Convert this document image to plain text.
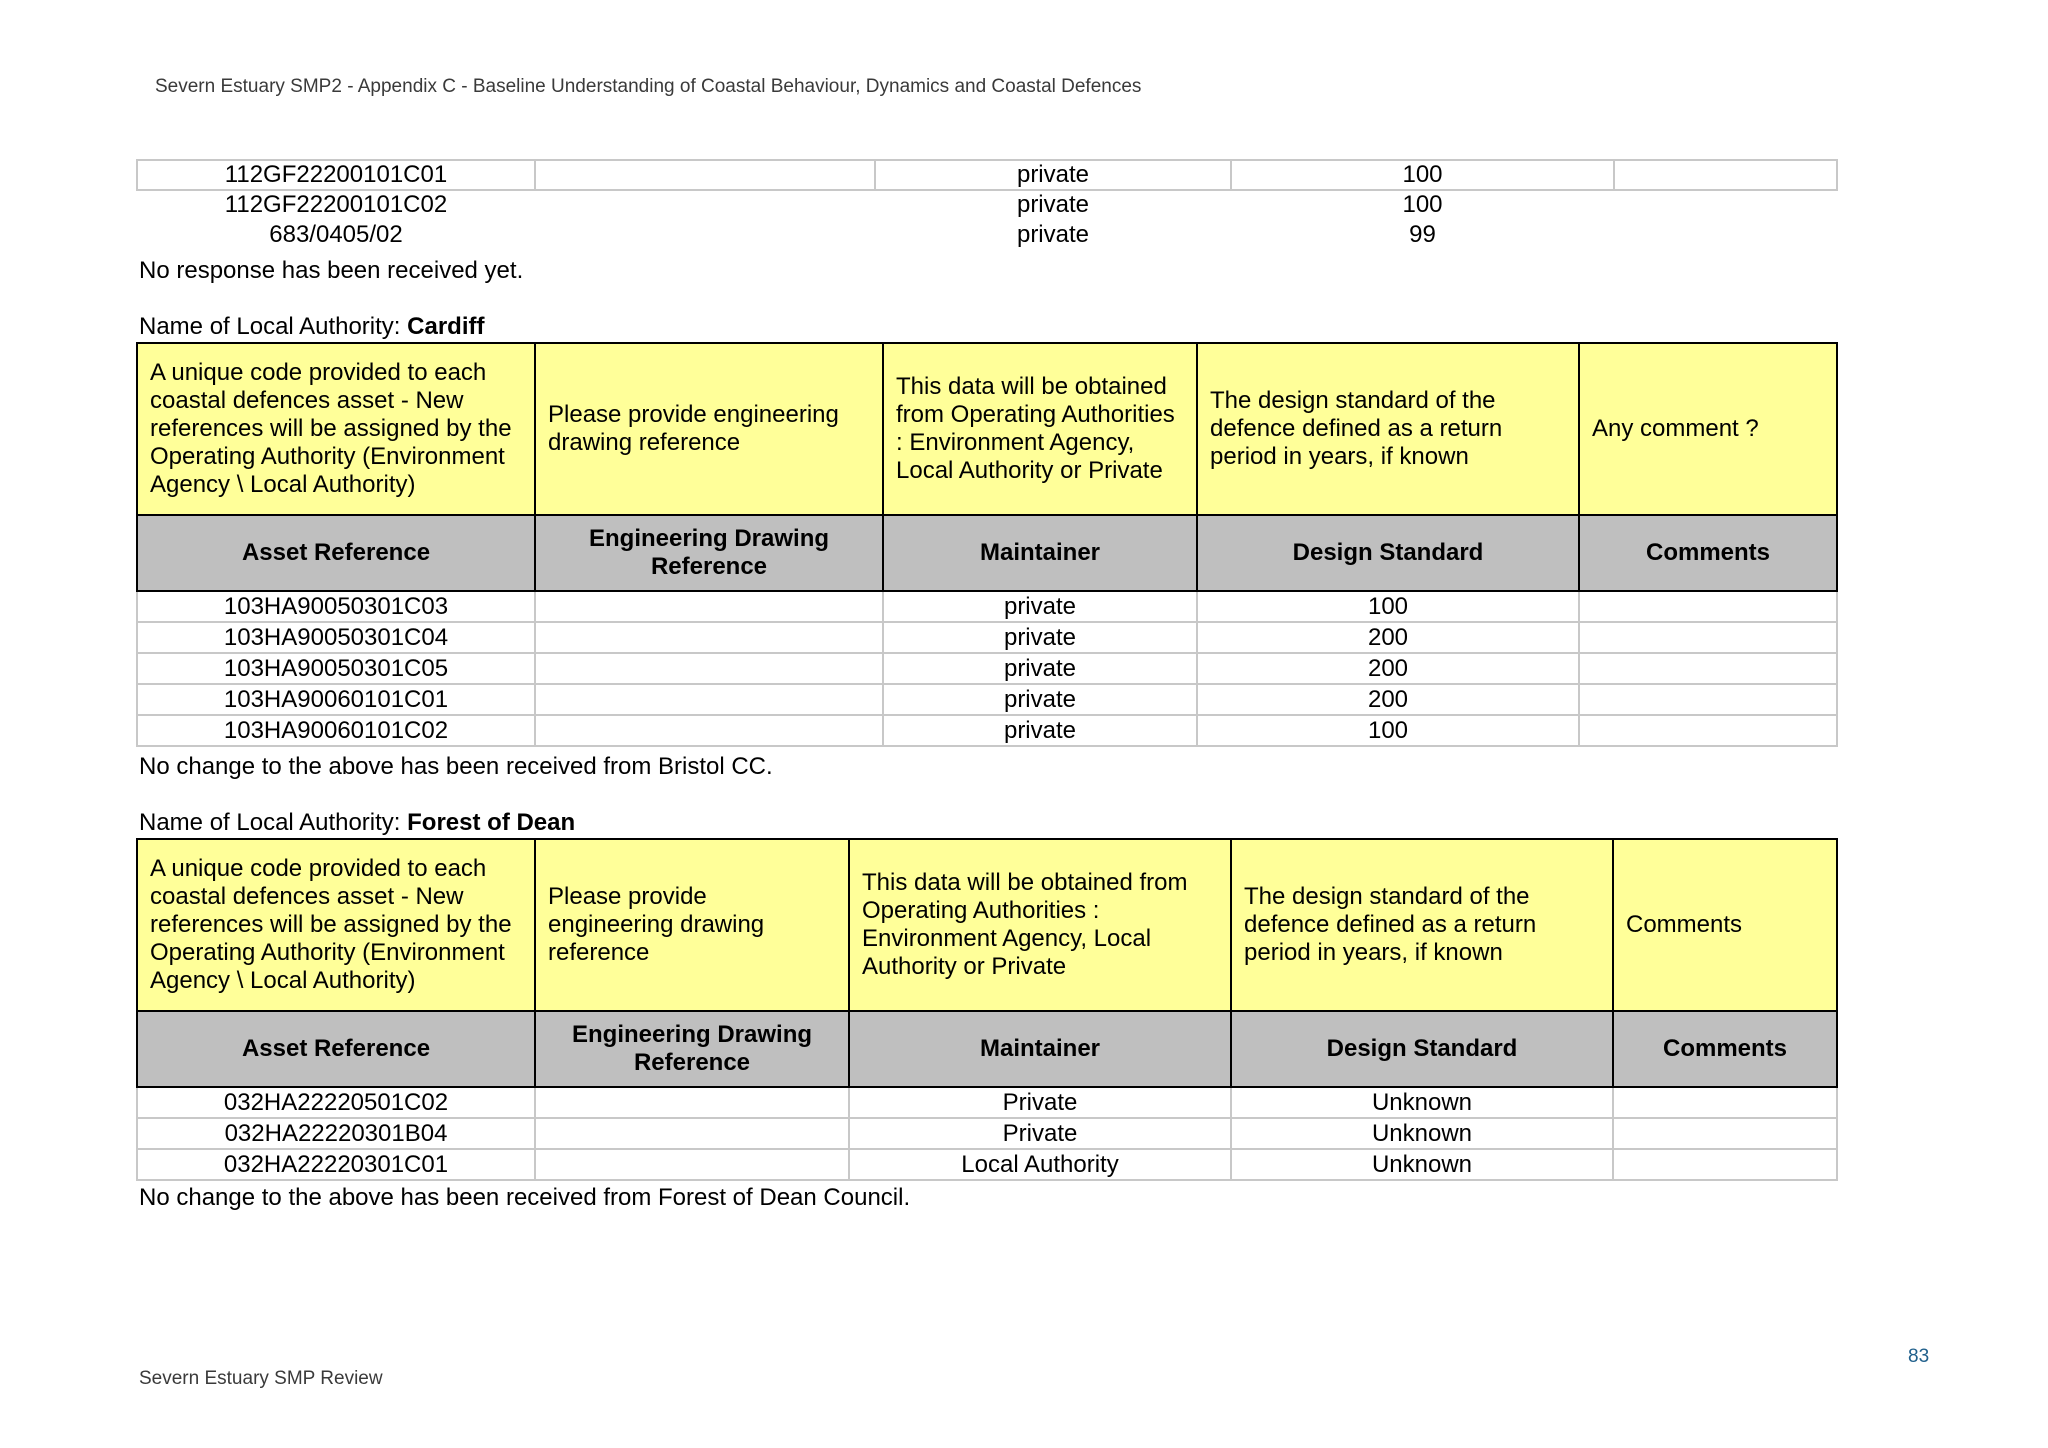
Severn Estuary SMP2 - Appendix C - Baseline Understanding of Coastal Behaviour, Dynamics and Coastal Defences
112GF22200101C01		private	100	
112GF22200101C02		private	100	
683/0405/02		private	99	
No response has been received yet.
Name of Local Authority: Cardiff
A unique code provided to each coastal defences asset - New references will be assigned by the Operating Authority (Environment Agency \ Local Authority)	Please provide engineering drawing reference	This data will be obtained from Operating Authorities : Environment Agency, Local Authority or Private	The design standard of the defence defined as a return period in years, if known	Any comment ?
Asset Reference	Engineering Drawing Reference	Maintainer	Design Standard	Comments
103HA90050301C03		private	100	
103HA90050301C04		private	200	
103HA90050301C05		private	200	
103HA90060101C01		private	200	
103HA90060101C02		private	100	
No change to the above has been received from Bristol CC.
Name of Local Authority: Forest of Dean
A unique code provided to each coastal defences asset - New references will be assigned by the Operating Authority (Environment Agency \ Local Authority)	Please provide engineering drawing reference	This data will be obtained from Operating Authorities : Environment Agency, Local Authority or Private	The design standard of the defence defined as a return period in years, if known	Comments
Asset Reference	Engineering Drawing Reference	Maintainer	Design Standard	Comments
032HA22220501C02		Private	Unknown	
032HA22220301B04		Private	Unknown	
032HA22220301C01		Local Authority	Unknown	
No change to the above has been received from Forest of Dean Council.
83
Severn Estuary SMP Review
